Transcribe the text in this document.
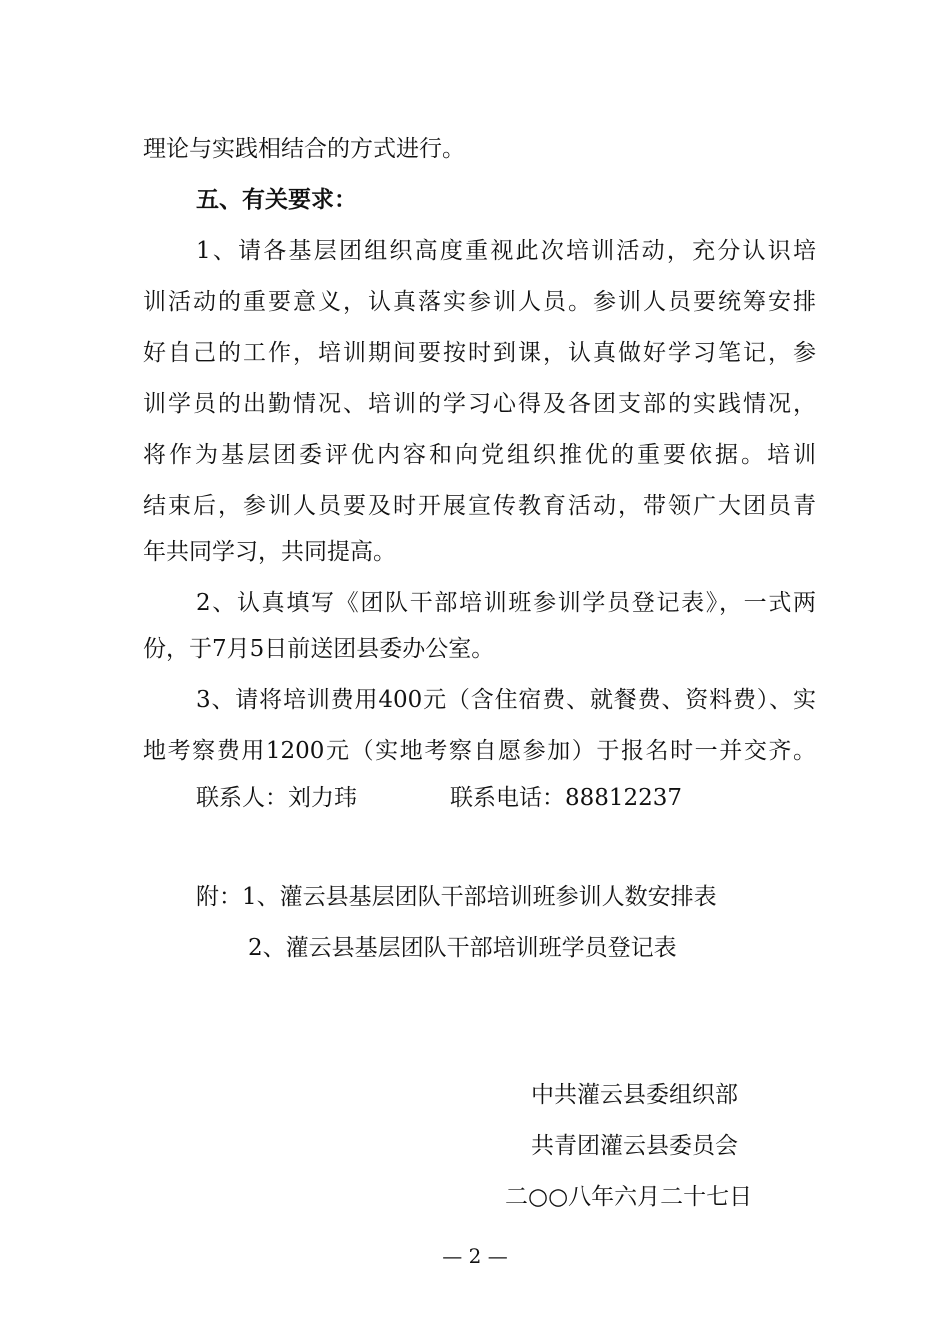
理论与实践相结合的方式进行。
五、有关要求：
1、请各基层团组织高度重视此次培训活动，充分认识培
训活动的重要意义，认真落实参训人员。参训人员要统筹安排
好自己的工作，培训期间要按时到课，认真做好学习笔记，参
训学员的出勤情况、培训的学习心得及各团支部的实践情况，
将作为基层团委评优内容和向党组织推优的重要依据。培训
结束后，参训人员要及时开展宣传教育活动，带领广大团员青
年共同学习，共同提高。
2、认真填写《团队干部培训班参训学员登记表》，一式两
份，于7月5日前送团县委办公室。
3、请将培训费用400元（含住宿费、就餐费、资料费）、实
地考察费用1200元（实地考察自愿参加）于报名时一并交齐。
联系人：刘力玮	联系电话：88812237
附：1、灌云县基层团队干部培训班参训人数安排表
2、灌云县基层团队干部培训班学员登记表
中共灌云县委组织部
共青团灌云县委员会
二○○八年六月二十七日
— 2 —
